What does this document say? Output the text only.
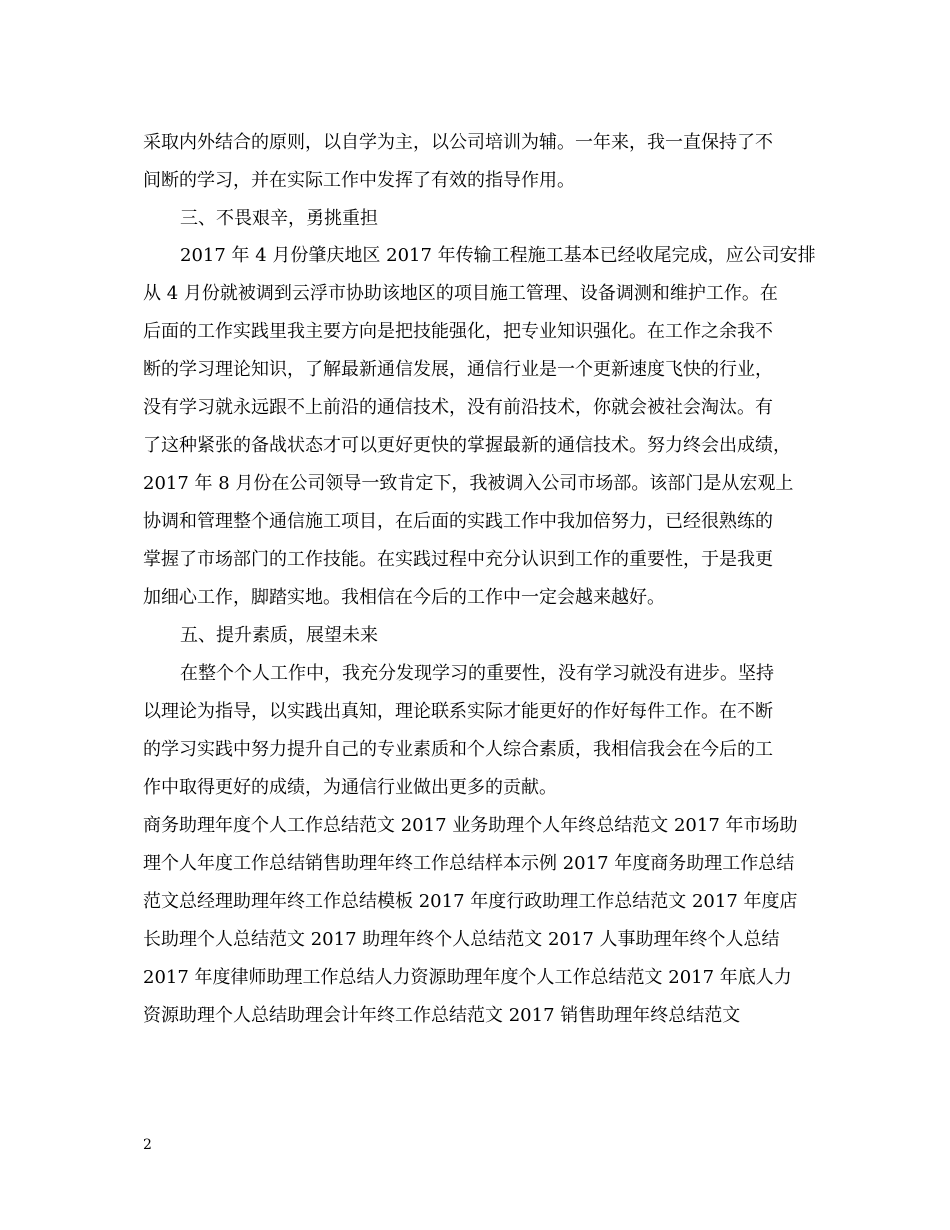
采取内外结合的原则，以自学为主，以公司培训为辅。一年来，我一直保持了不
间断的学习，并在实际工作中发挥了有效的指导作用。
三、不畏艰辛，勇挑重担
2017 年 4 月份肇庆地区 2017 年传输工程施工基本已经收尾完成，应公司安排
从 4 月份就被调到云浮市协助该地区的项目施工管理、设备调测和维护工作。在
后面的工作实践里我主要方向是把技能强化，把专业知识强化。在工作之余我不
断的学习理论知识，了解最新通信发展，通信行业是一个更新速度飞快的行业，
没有学习就永远跟不上前沿的通信技术，没有前沿技术，你就会被社会淘汰。有
了这种紧张的备战状态才可以更好更快的掌握最新的通信技术。努力终会出成绩，
2017 年 8 月份在公司领导一致肯定下，我被调入公司市场部。该部门是从宏观上
协调和管理整个通信施工项目，在后面的实践工作中我加倍努力，已经很熟练的
掌握了市场部门的工作技能。在实践过程中充分认识到工作的重要性，于是我更
加细心工作，脚踏实地。我相信在今后的工作中一定会越来越好。
五、提升素质，展望未来
在整个个人工作中，我充分发现学习的重要性，没有学习就没有进步。坚持
以理论为指导，以实践出真知，理论联系实际才能更好的作好每件工作。在不断
的学习实践中努力提升自己的专业素质和个人综合素质，我相信我会在今后的工
作中取得更好的成绩，为通信行业做出更多的贡献。
商务助理年度个人工作总结范文 2017 业务助理个人年终总结范文 2017 年市场助
理个人年度工作总结销售助理年终工作总结样本示例 2017 年度商务助理工作总结
范文总经理助理年终工作总结模板 2017 年度行政助理工作总结范文 2017 年度店
长助理个人总结范文 2017 助理年终个人总结范文 2017 人事助理年终个人总结
2017 年度律师助理工作总结人力资源助理年度个人工作总结范文 2017 年底人力
资源助理个人总结助理会计年终工作总结范文 2017 销售助理年终总结范文
2
